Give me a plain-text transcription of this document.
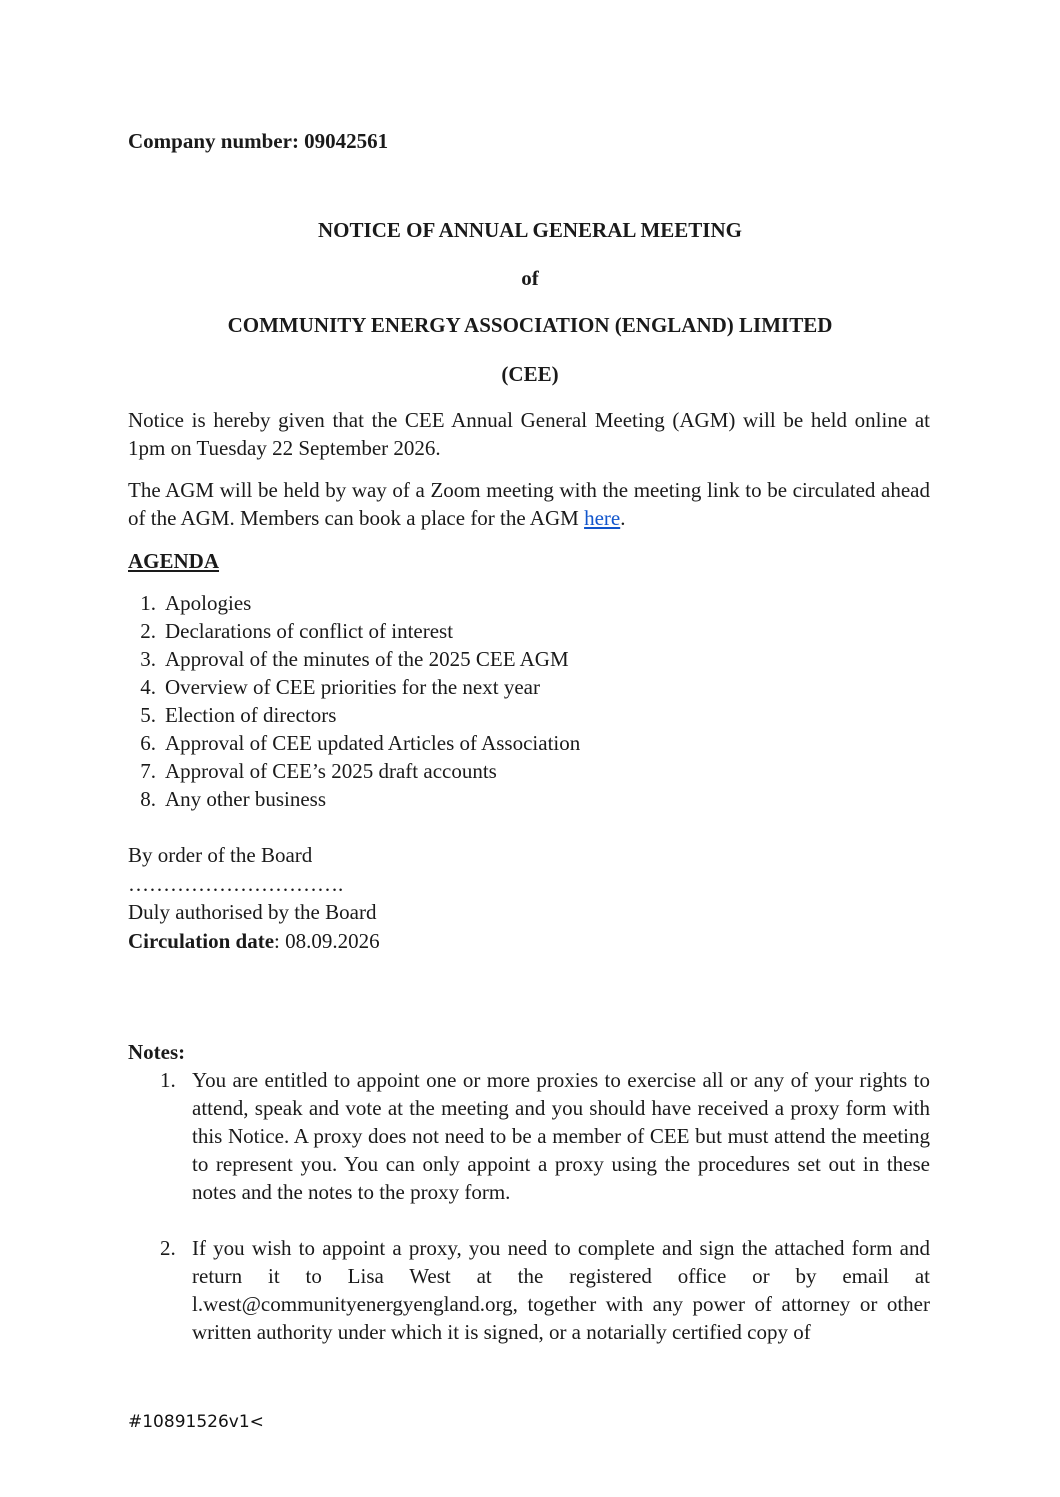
Company number: 09042561
NOTICE OF ANNUAL GENERAL MEETING
of
COMMUNITY ENERGY ASSOCIATION (ENGLAND) LIMITED
(CEE)
Notice is hereby given that the CEE Annual General Meeting (AGM) will be held online at 1pm on Tuesday 22 September 2026.
The AGM will be held by way of a Zoom meeting with the meeting link to be circulated ahead of the AGM. Members can book a place for the AGM here.
AGENDA
1. Apologies
2. Declarations of conflict of interest
3. Approval of the minutes of the 2025 CEE AGM
4. Overview of CEE priorities for the next year
5. Election of directors
6. Approval of CEE updated Articles of Association
7. Approval of CEE’s 2025 draft accounts
8. Any other business
By order of the Board
………………………….
Duly authorised by the Board
Circulation date: 08.09.2026
Notes:
1. You are entitled to appoint one or more proxies to exercise all or any of your rights to attend, speak and vote at the meeting and you should have received a proxy form with this Notice. A proxy does not need to be a member of CEE but must attend the meeting to represent you. You can only appoint a proxy using the procedures set out in these notes and the notes to the proxy form.
2. If you wish to appoint a proxy, you need to complete and sign the attached form and return it to Lisa West at the registered office or by email at l.west@communityenergyengland.org, together with any power of attorney or other written authority under which it is signed, or a notarially certified copy of
#10891526v1<
